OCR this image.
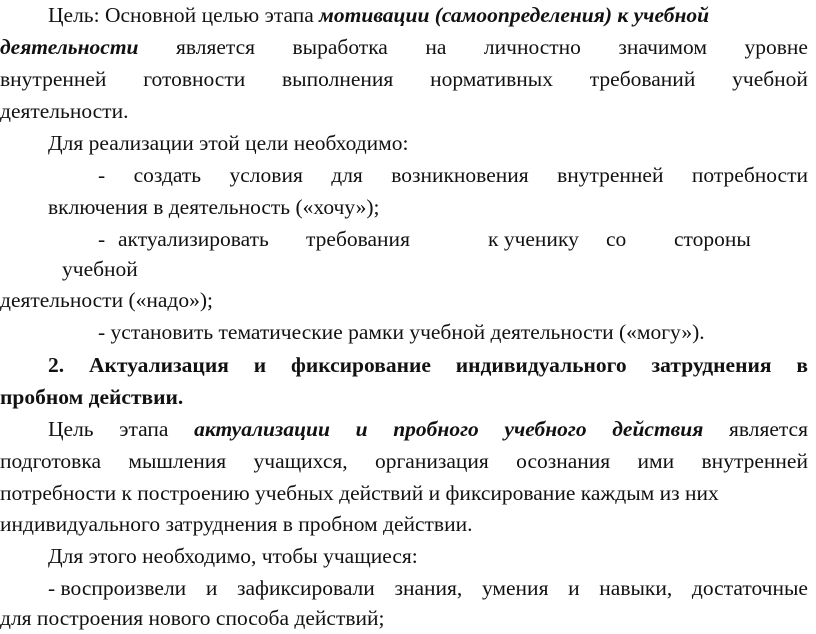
Цель: Основной целью этапа мотивации (самоопределения) к учебной
деятельности является выработка на личностно значимом уровне
внутренней готовности выполнения нормативных требований учебной
деятельности.
Для реализации этой цели необходимо:
- создать условия для возникновения внутренней потребности
включения в деятельность («хочу»);
- актуализировать требования	к ученику со стороны
учебной
деятельности («надо»);
- установить тематические рамки учебной деятельности («могу»).
2. Актуализация и фиксирование индивидуального затруднения в
пробном действии.
Цель этапа актуализации и пробного учебного действия является
подготовка мышления учащихся, организация осознания ими внутренней
потребности к построению учебных действий и фиксирование каждым из них
индивидуального затруднения в пробном действии.
Для этого необходимо, чтобы учащиеся:
- воспроизвели и зафиксировали знания, умения и навыки, достаточные
для построения нового способа действий;
